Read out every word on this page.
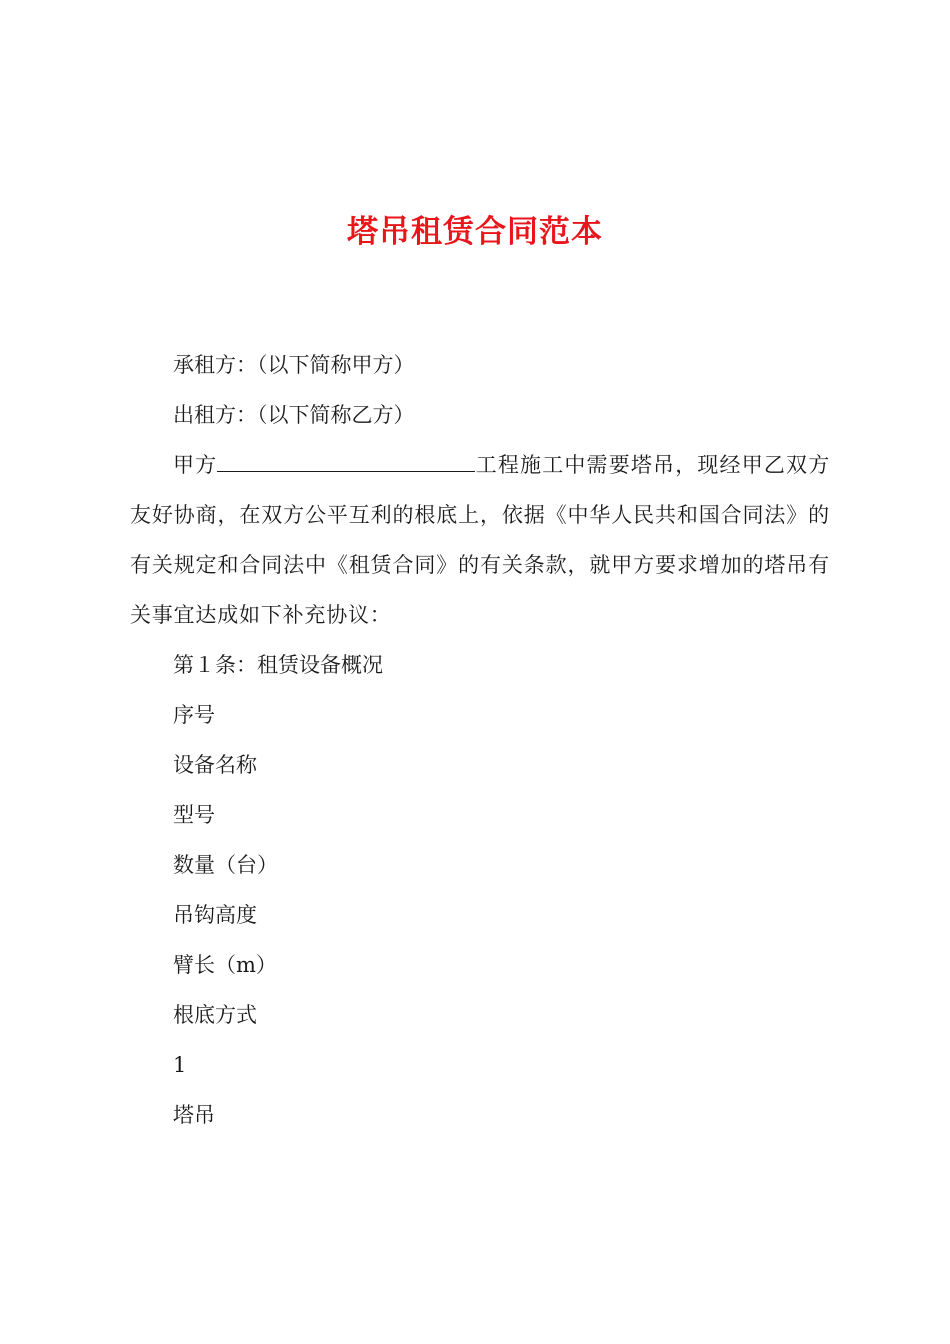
塔吊租赁合同范本
承租方：（以下简称甲方）
出租方：（以下简称乙方）
甲方	工程施工中需要塔吊，现经甲乙双方友好协商，在双方公平互利的根底上，依据《中华人民共和国合同法》的有关规定和合同法中《租赁合同》的有关条款，就甲方要求增加的塔吊有关事宜达成如下补充协议：
第１条：租赁设备概况
序号
设备名称
型号
数量（台）
吊钩高度
臂长（m）
根底方式
1
塔吊
